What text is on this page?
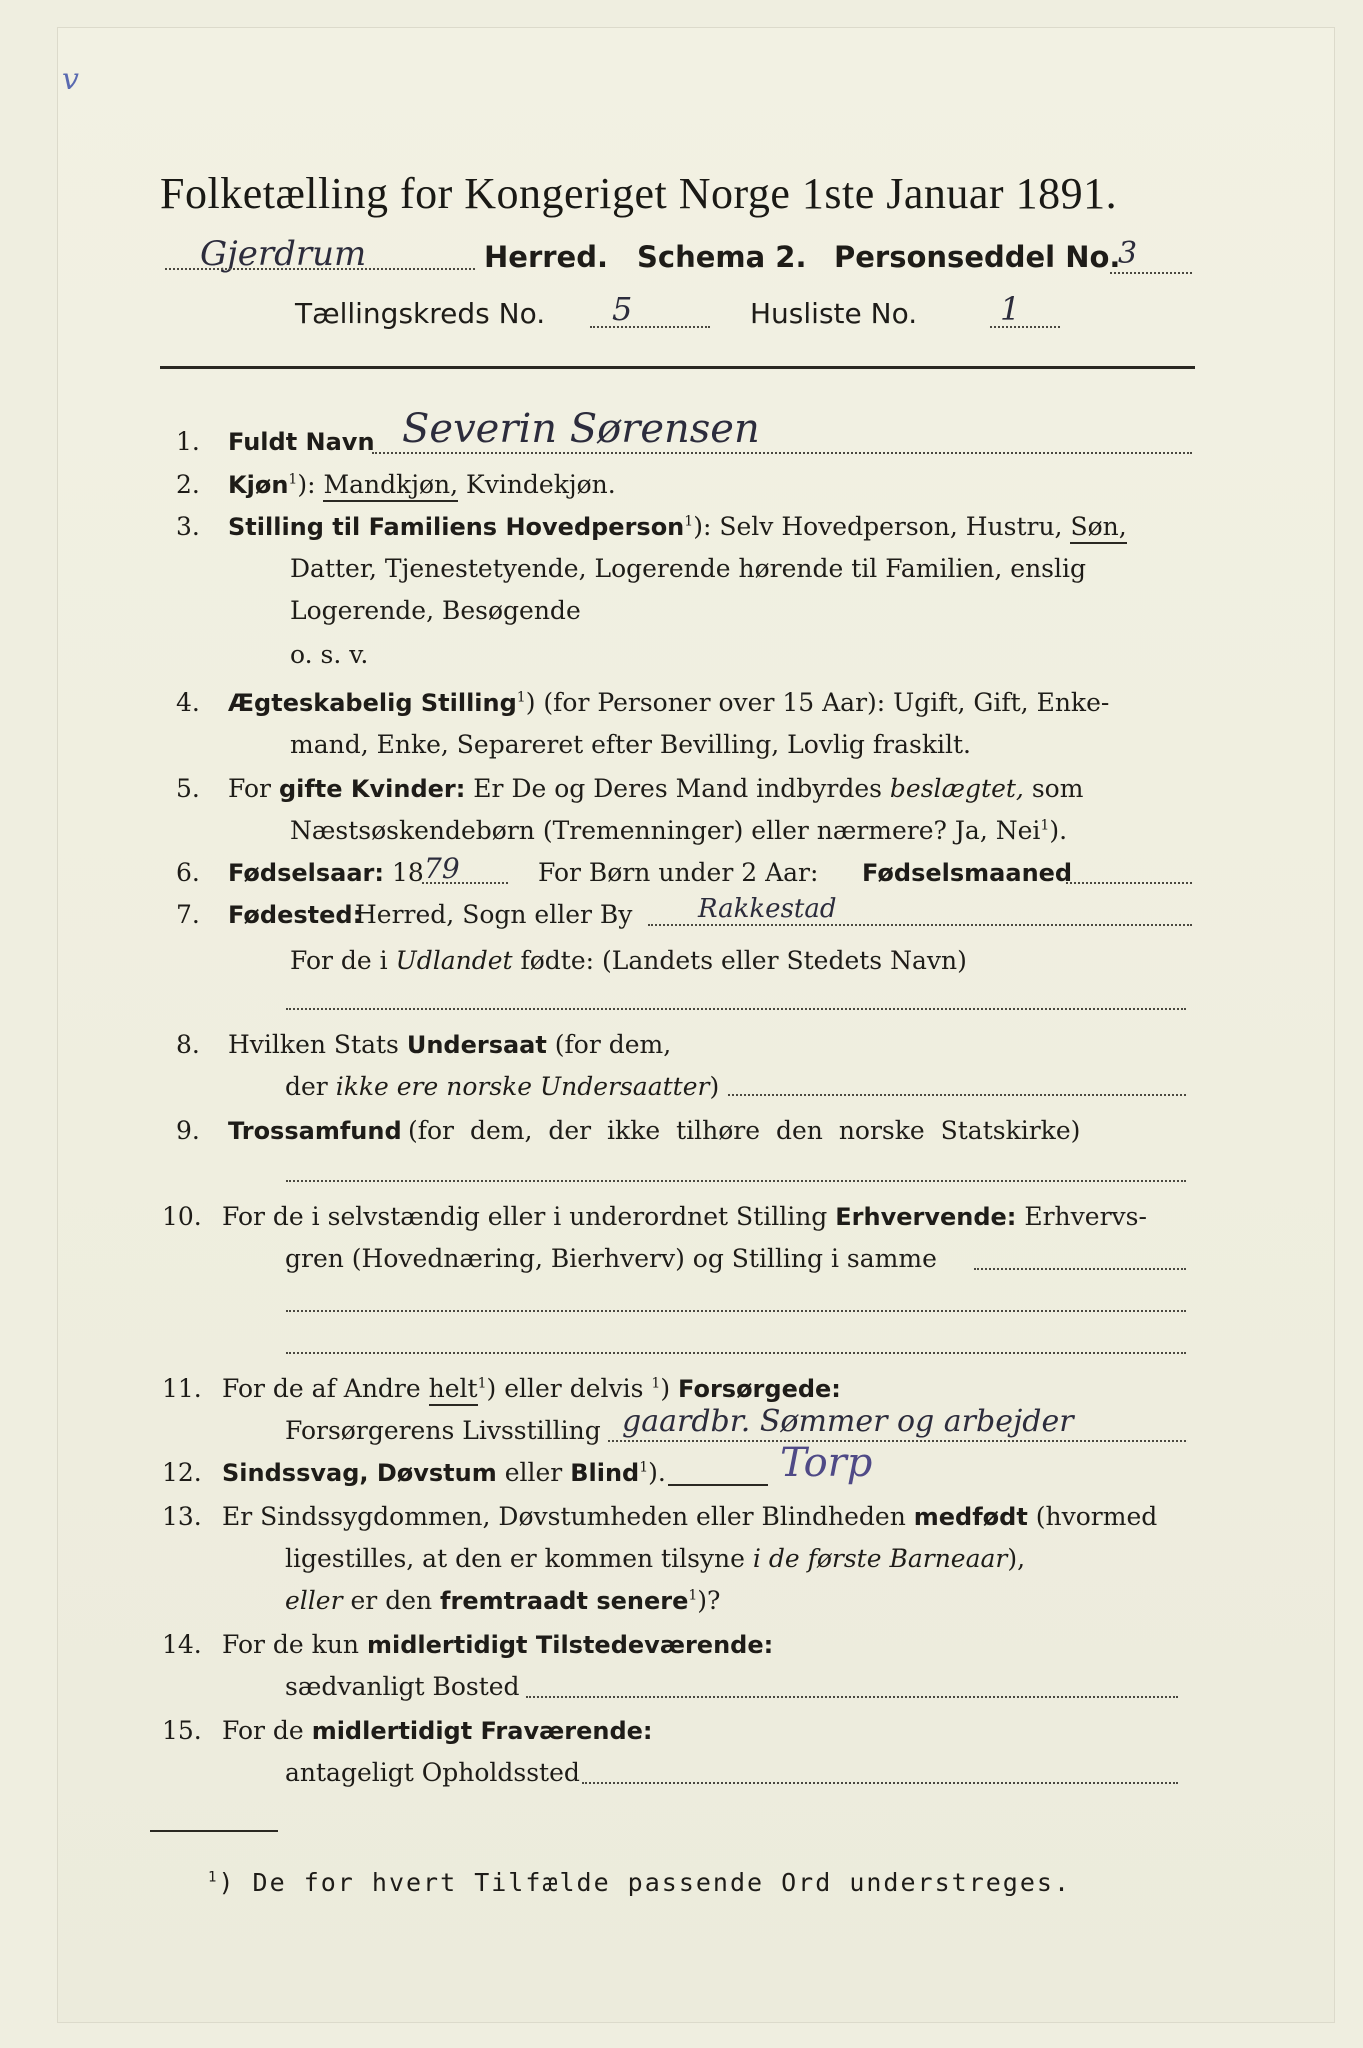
v
Folketælling for Kongeriget Norge 1ste Januar 1891.
Gjerdrum	Herred. Schema 2. Personseddel No.
3
Tællingskreds No. 5	Husliste No.	1
1. Fuldt Navn Severin Sørensen
2. Kjøn$^1$): Mandkjøn, Kvindekjøn.
3. Stilling til Familiens Hovedperson$^1$): Selv Hovedperson, Hustru, Søn,
Datter, Tjenestetyende, Logerende hørende til Familien, enslig
Logerende, Besøgende
o. s. v.
4. Ægteskabelig Stilling$^1$) (for Personer over 15 Aar): Ugift, Gift, Enke-
mand, Enke, Separeret efter Bevilling, Lovlig fraskilt.
5. For gifte Kvinder: Er De og Deres Mand indbyrdes beslægtet, som
Næstsøskendebørn (Tremenninger) eller nærmere? Ja, Nei$^1$).
6. Fødselsaar: 18 79	For Børn under 2 Aar: Fødselsmaaned
7. Fødested:
Herred, Sogn eller By	Rakkestad
For de i Udlandet fødte: (Landets eller Stedets Navn)
8. Hvilken Stats Undersaat (for dem,
der ikke ere norske Undersaatter)
9. Trossamfund (for dem, der ikke tilhøre den norske Statskirke)
10. For de i selvstændig eller i underordnet Stilling Erhvervende: Erhvervs-
gren (Hovednæring, Bierhverv) og Stilling i samme
11. For de af Andre helt$^1$) eller delvis $^1$) Forsørgede:
Forsørgerens Livsstilling gaardbr. Sømmer og arbejder
12. Sindssvag, Døvstum eller Blind$^1$).	Torp
13. Er Sindssygdommen, Døvstumheden eller Blindheden medfødt (hvormed
ligestilles, at den er kommen tilsyne i de første Barneaar),
eller er den fremtraadt senere$^1$)?
14. For de kun midlertidigt Tilstedeværende:
sædvanligt Bosted
15. For de midlertidigt Fraværende:
antageligt Opholdssted
$^1$) De for hvert Tilfælde passende Ord understreges.
